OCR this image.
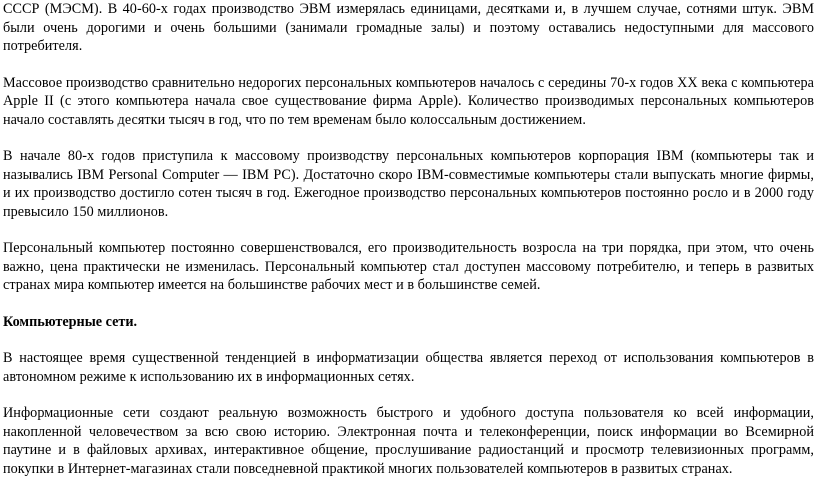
СССР (МЭСМ). В 40-60-х годах производство ЭВМ измерялась единицами, десятками и, в лучшем случае, сотнями штук. ЭВМ были очень дорогими и очень большими (занимали громадные залы) и поэтому оставались недоступными для массового потребителя.

Массовое производство сравнительно недорогих персональных компьютеров началось с середины 70-х годов XX века с компьютера Apple II (с этого компьютера начала свое существование фирма Apple). Количество производимых персональных компьютеров начало составлять десятки тысяч в год, что по тем временам было колоссальным достижением.

В начале 80-х годов приступила к массовому производству персональных компьютеров корпорация IBM (компьютеры так и назывались IBM Personal Computer — IBM PC). Достаточно скоро IBM-совместимые компьютеры стали выпускать многие фирмы, и их производство достигло сотен тысяч в год. Ежегодное производство персональных компьютеров постоянно росло и в 2000 году превысило 150 миллионов.

Персональный компьютер постоянно совершенствовался, его производительность возросла на три порядка, при этом, что очень важно, цена практически не изменилась. Персональный компьютер стал доступен массовому потребителю, и теперь в развитых странах мира компьютер имеется на большинстве рабочих мест и в большинстве семей.

Компьютерные сети.

В настоящее время существенной тенденцией в информатизации общества является переход от использования компьютеров в автономном режиме к использованию их в информационных сетях.

Информационные сети создают реальную возможность быстрого и удобного доступа пользователя ко всей информации, накопленной человечеством за всю свою историю. Электронная почта и телеконференции, поиск информации во Всемирной паутине и в файловых архивах, интерактивное общение, прослушивание радиостанций и просмотр телевизионных программ, покупки в Интернет-магазинах стали повседневной практикой многих пользователей компьютеров в развитых странах.
